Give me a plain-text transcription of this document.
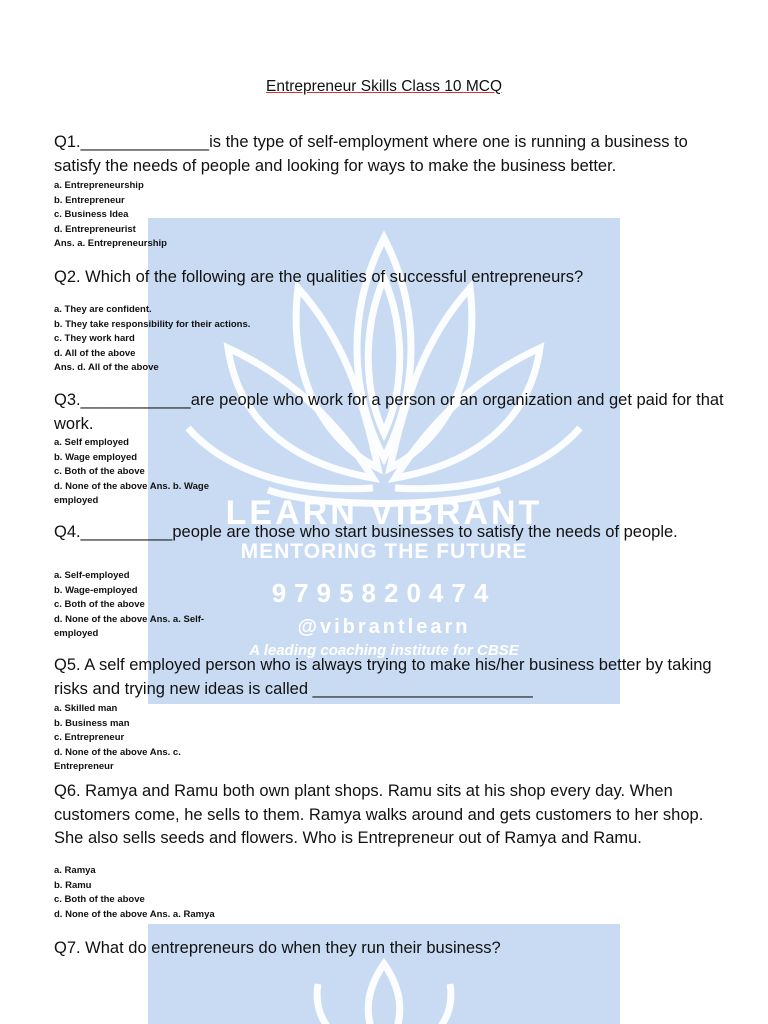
LEARN VIBRANT
MENTORING THE FUTURE
9795820474
@vibrantlearn
A leading coaching institute for CBSE
Entrepreneur Skills Class 10 MCQ
Q1.______________is the type of self-employment where one is running a business to satisfy the needs of people and looking for ways to make the business better.
a. Entrepreneurship
b. Entrepreneur
c. Business Idea
d. Entrepreneurist
Ans. a. Entrepreneurship
Q2. Which of the following are the qualities of successful entrepreneurs?
a. They are confident.
b. They take responsibility for their actions.
c. They work hard
d. All of the above
Ans. d. All of the above
Q3.____________are people who work for a person or an organization and get paid for that work.
a. Self employed
b. Wage employed
c. Both of the above
d. None of the above Ans. b. Wage employed
Q4.__________people are those who start businesses to satisfy the needs of people.
a. Self-employed
b. Wage-employed
c. Both of the above
d. None of the above Ans. a. Self-employed
Q5. A self employed person who is always trying to make his/her business better by taking risks and trying new ideas is called ________________________
a. Skilled man
b. Business man
c. Entrepreneur
d. None of the above Ans. c. Entrepreneur
Q6. Ramya and Ramu both own plant shops. Ramu sits at his shop every day. When customers come, he sells to them. Ramya walks around and gets customers to her shop. She also sells seeds and flowers. Who is Entrepreneur out of Ramya and Ramu.
a. Ramya
b. Ramu
c. Both of the above
d. None of the above Ans. a. Ramya
Q7. What do entrepreneurs do when they run their business?
